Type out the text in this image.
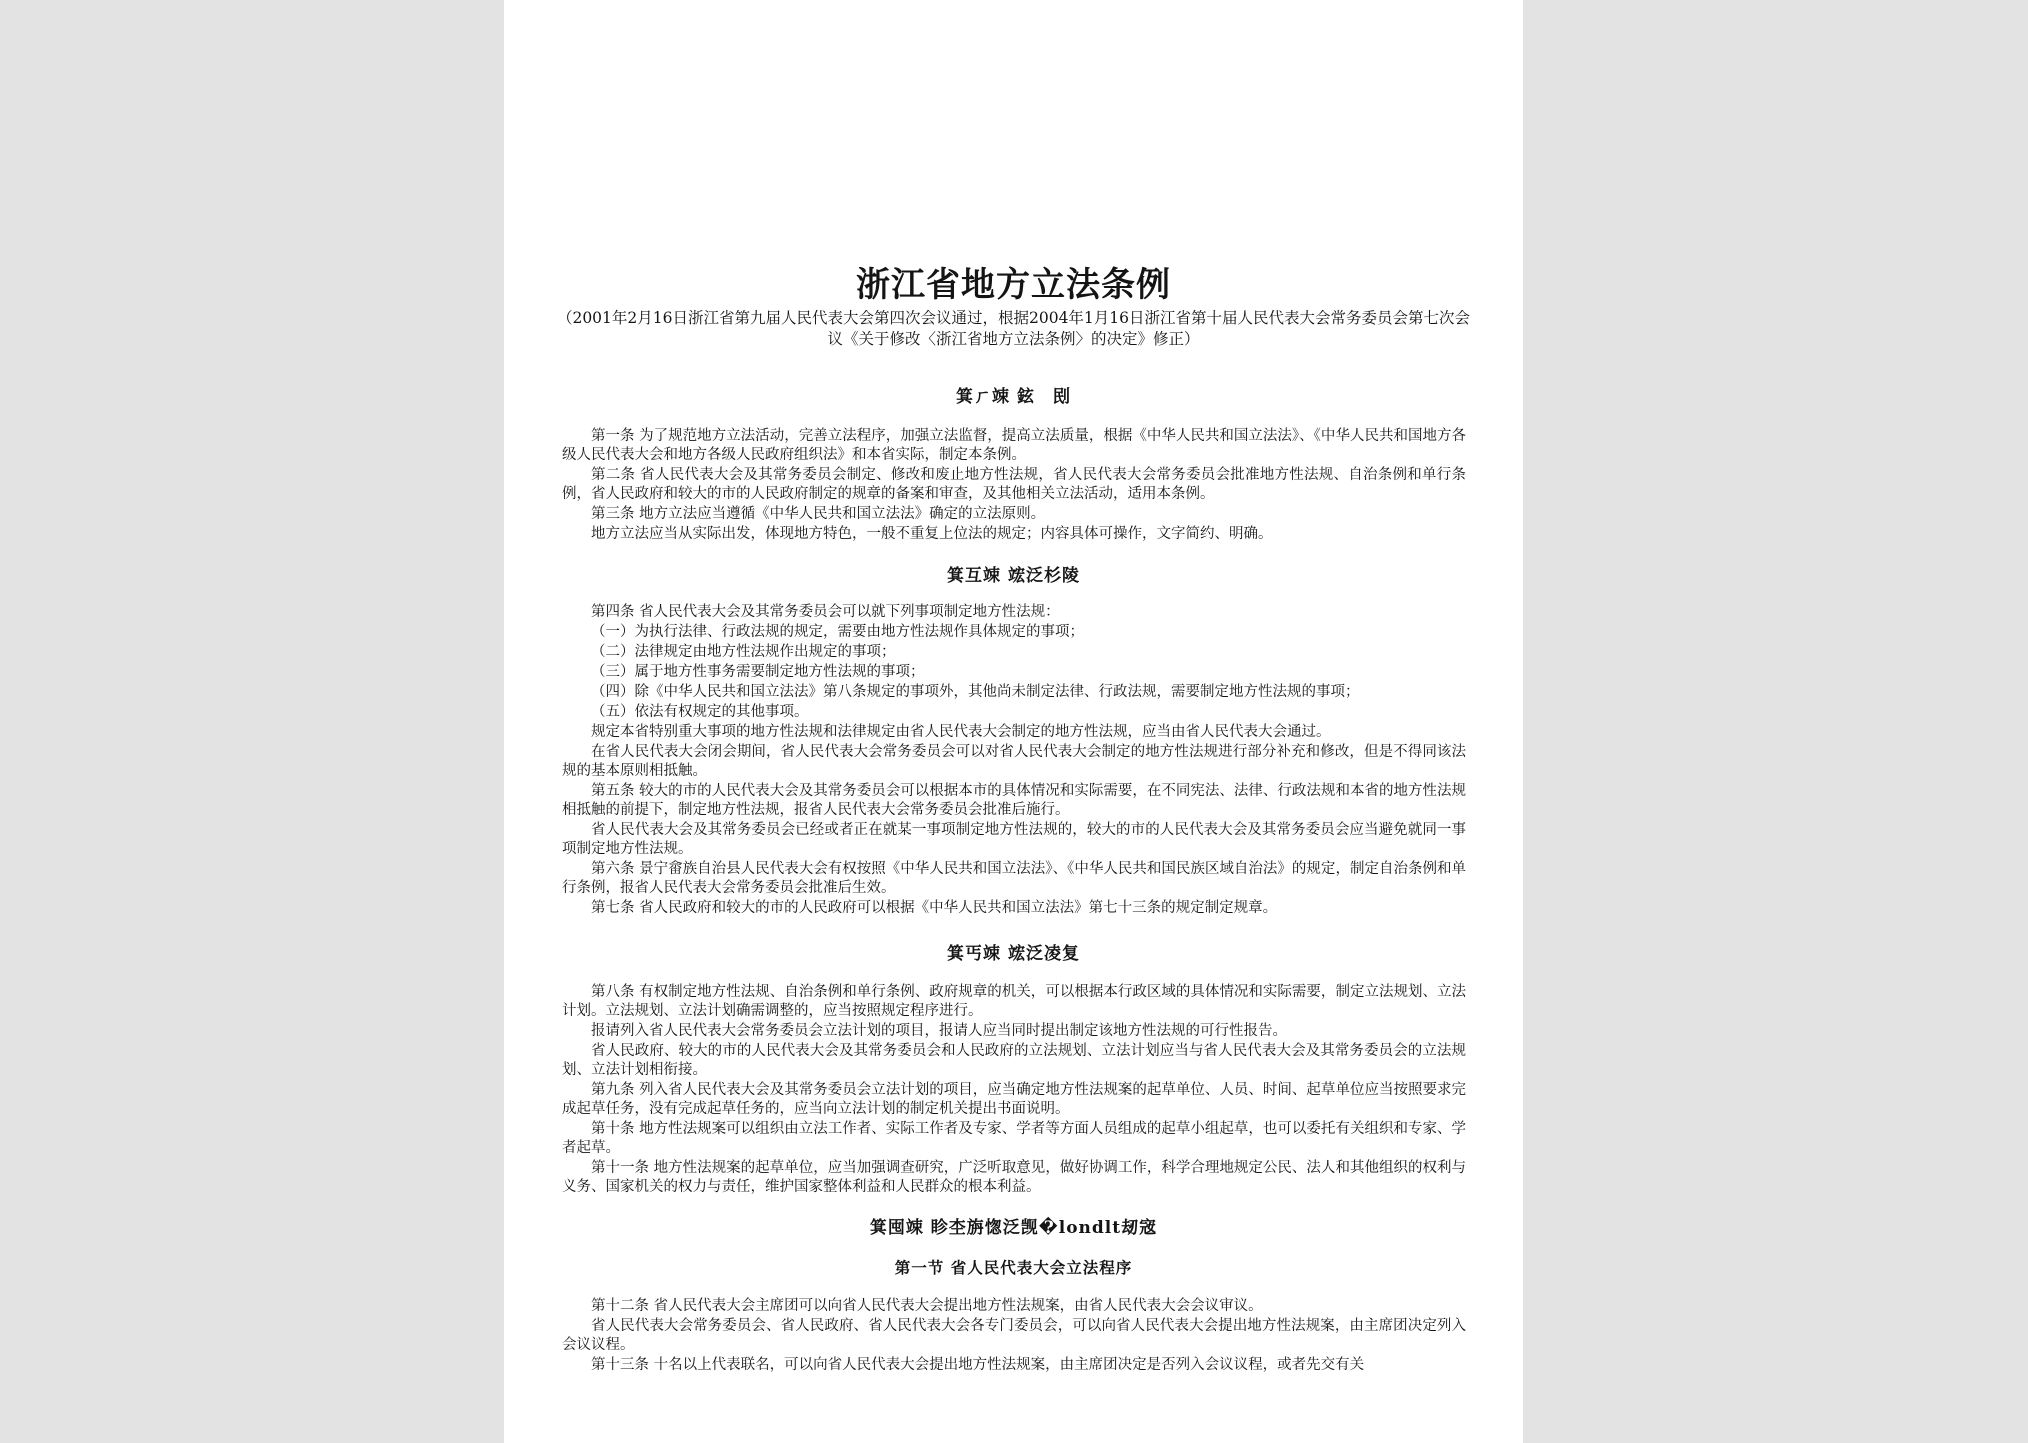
浙江省地方立法条例
（2001年2月16日浙江省第九届人民代表大会第四次会议通过，根据2004年1月16日浙江省第十届人民代表大会常务委员会第七次会议《关于修改〈浙江省地方立法条例〉的决定》修正）
箕ㄏ竦 鉉　刡
第一条 为了规范地方立法活动，完善立法程序，加强立法监督，提高立法质量，根据《中华人民共和国立法法》、《中华人民共和国地方各级人民代表大会和地方各级人民政府组织法》和本省实际，制定本条例。
第二条 省人民代表大会及其常务委员会制定、修改和废止地方性法规，省人民代表大会常务委员会批准地方性法规、自治条例和单行条例，省人民政府和较大的市的人民政府制定的规章的备案和审查，及其他相关立法活动，适用本条例。
第三条 地方立法应当遵循《中华人民共和国立法法》确定的立法原则。
地方立法应当从实际出发，体现地方特色，一般不重复上位法的规定；内容具体可操作，文字简约、明确。
箕互竦 竤泛杉陵
第四条 省人民代表大会及其常务委员会可以就下列事项制定地方性法规：
（一）为执行法律、行政法规的规定，需要由地方性法规作具体规定的事项；
（二）法律规定由地方性法规作出规定的事项；
（三）属于地方性事务需要制定地方性法规的事项；
（四）除《中华人民共和国立法法》第八条规定的事项外，其他尚未制定法律、行政法规，需要制定地方性法规的事项；
（五）依法有权规定的其他事项。
规定本省特别重大事项的地方性法规和法律规定由省人民代表大会制定的地方性法规，应当由省人民代表大会通过。
在省人民代表大会闭会期间，省人民代表大会常务委员会可以对省人民代表大会制定的地方性法规进行部分补充和修改，但是不得同该法规的基本原则相抵触。
第五条 较大的市的人民代表大会及其常务委员会可以根据本市的具体情况和实际需要，在不同宪法、法律、行政法规和本省的地方性法规相抵触的前提下，制定地方性法规，报省人民代表大会常务委员会批准后施行。
省人民代表大会及其常务委员会已经或者正在就某一事项制定地方性法规的，较大的市的人民代表大会及其常务委员会应当避免就同一事项制定地方性法规。
第六条 景宁畲族自治县人民代表大会有权按照《中华人民共和国立法法》、《中华人民共和国民族区域自治法》的规定，制定自治条例和单行条例，报省人民代表大会常务委员会批准后生效。
第七条 省人民政府和较大的市的人民政府可以根据《中华人民共和国立法法》第七十三条的规定制定规章。
箕丐竦 竤泛凌复
第八条 有权制定地方性法规、自治条例和单行条例、政府规章的机关，可以根据本行政区域的具体情况和实际需要，制定立法规划、立法计划。立法规划、立法计划确需调整的，应当按照规定程序进行。
报请列入省人民代表大会常务委员会立法计划的项目，报请人应当同时提出制定该地方性法规的可行性报告。
省人民政府、较大的市的人民代表大会及其常务委员会和人民政府的立法规划、立法计划应当与省人民代表大会及其常务委员会的立法规划、立法计划相衔接。
第九条 列入省人民代表大会及其常务委员会立法计划的项目，应当确定地方性法规案的起草单位、人员、时间、起草单位应当按照要求完成起草任务，没有完成起草任务的，应当向立法计划的制定机关提出书面说明。
第十条 地方性法规案可以组织由立法工作者、实际工作者及专家、学者等方面人员组成的起草小组起草，也可以委托有关组织和专家、学者起草。
第十一条 地方性法规案的起草单位，应当加强调查研究，广泛听取意见，做好协调工作，科学合理地规定公民、法人和其他组织的权利与义务、国家机关的权力与责任，维护国家整体利益和人民群众的根本利益。
箕囤竦 眕杢旃愡泛觊�londlt刼宼
第一节 省人民代表大会立法程序
第十二条 省人民代表大会主席团可以向省人民代表大会提出地方性法规案，由省人民代表大会会议审议。
省人民代表大会常务委员会、省人民政府、省人民代表大会各专门委员会，可以向省人民代表大会提出地方性法规案，由主席团决定列入会议议程。
第十三条 十名以上代表联名，可以向省人民代表大会提出地方性法规案，由主席团决定是否列入会议议程，或者先交有关
